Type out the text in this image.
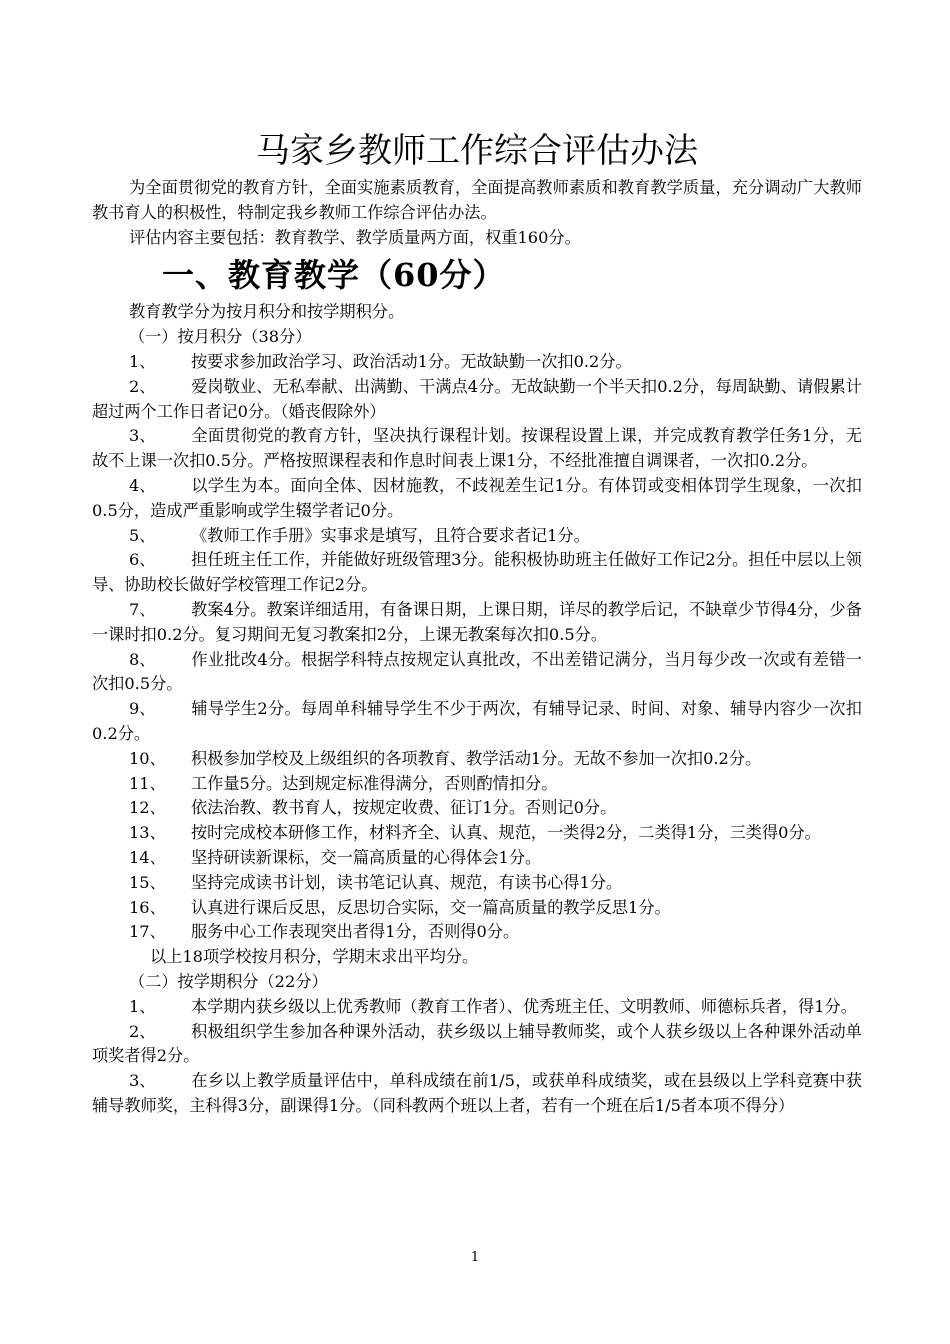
马家乡教师工作综合评估办法

为全面贯彻党的教育方针，全面实施素质教育，全面提高教师素质和教育教学质量，充分调动广大教师教书育人的积极性，特制定我乡教师工作综合评估办法。

评估内容主要包括：教育教学、教学质量两方面，权重160分。

一、教育教学（60分）

教育教学分为按月积分和按学期积分。

（一）按月积分（38分）

1、 按要求参加政治学习、政治活动1分。无故缺勤一次扣0.2分。

2、 爱岗敬业、无私奉献、出满勤、干满点4分。无故缺勤一个半天扣0.2分，每周缺勤、请假累计超过两个工作日者记0分。（婚丧假除外）

3、 全面贯彻党的教育方针，坚决执行课程计划。按课程设置上课，并完成教育教学任务1分，无故不上课一次扣0.5分。严格按照课程表和作息时间表上课1分，不经批准擅自调课者，一次扣0.2分。

4、 以学生为本。面向全体、因材施教，不歧视差生记1分。有体罚或变相体罚学生现象，一次扣0.5分，造成严重影响或学生辍学者记0分。

5、 《教师工作手册》实事求是填写，且符合要求者记1分。

6、 担任班主任工作，并能做好班级管理3分。能积极协助班主任做好工作记2分。担任中层以上领导、协助校长做好学校管理工作记2分。

7、 教案4分。教案详细适用，有备课日期，上课日期，详尽的教学后记，不缺章少节得4分，少备一课时扣0.2分。复习期间无复习教案扣2分，上课无教案每次扣0.5分。

8、 作业批改4分。根据学科特点按规定认真批改，不出差错记满分，当月每少改一次或有差错一次扣0.5分。

9、 辅导学生2分。每周单科辅导学生不少于两次，有辅导记录、时间、对象、辅导内容少一次扣0.2分。

10、 积极参加学校及上级组织的各项教育、教学活动1分。无故不参加一次扣0.2分。

11、 工作量5分。达到规定标准得满分，否则酌情扣分。

12、 依法治教、教书育人，按规定收费、征订1分。否则记0分。

13、 按时完成校本研修工作，材料齐全、认真、规范，一类得2分，二类得1分，三类得0分。

14、 坚持研读新课标，交一篇高质量的心得体会1分。

15、 坚持完成读书计划，读书笔记认真、规范，有读书心得1分。

16、 认真进行课后反思，反思切合实际，交一篇高质量的教学反思1分。

17、 服务中心工作表现突出者得1分，否则得0分。

以上18项学校按月积分，学期末求出平均分。

（二）按学期积分（22分）

1、 本学期内获乡级以上优秀教师（教育工作者）、优秀班主任、文明教师、师德标兵者，得1分。

2、 积极组织学生参加各种课外活动，获乡级以上辅导教师奖，或个人获乡级以上各种课外活动单项奖者得2分。

3、 在乡以上教学质量评估中，单科成绩在前1/5，或获单科成绩奖，或在县级以上学科竞赛中获辅导教师奖，主科得3分，副课得1分。（同科教两个班以上者，若有一个班在后1/5者本项不得分）

1
